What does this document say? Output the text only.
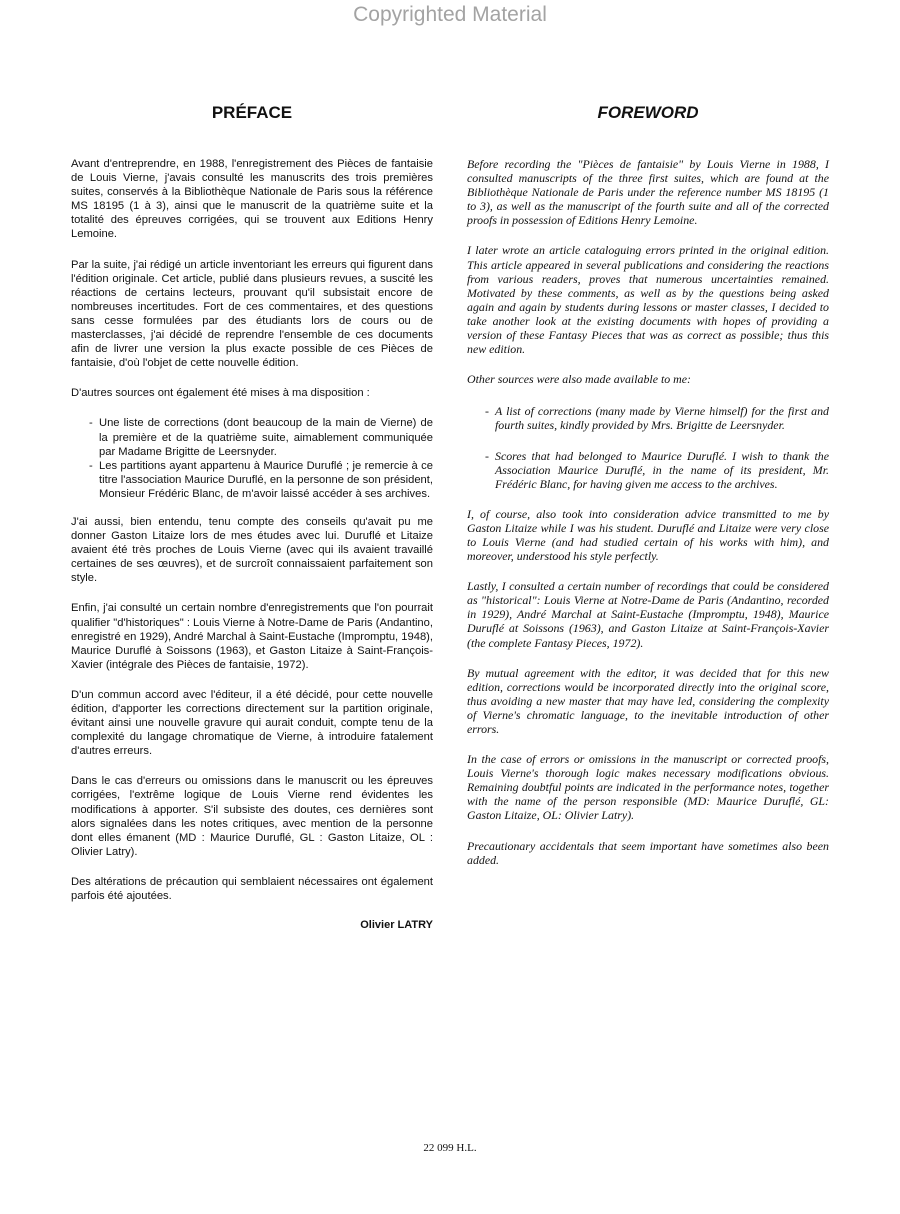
Copyrighted Material
PRÉFACE

Avant d'entreprendre, en 1988, l'enregistrement des Pièces de fantaisie de Louis Vierne, j'avais consulté les manuscrits des trois premières suites, conservés à la Bibliothèque Nationale de Paris sous la référence MS 18195 (1 à 3), ainsi que le manuscrit de la quatrième suite et la totalité des épreuves corrigées, qui se trouvent aux Editions Henry Lemoine.

Par la suite, j'ai rédigé un article inventoriant les erreurs qui figurent dans l'édition originale. Cet article, publié dans plusieurs revues, a suscité les réactions de certains lecteurs, prouvant qu'il subsistait encore de nombreuses incertitudes. Fort de ces commentaires, et des questions sans cesse formulées par des étudiants lors de cours ou de masterclasses, j'ai décidé de reprendre l'ensemble de ces documents afin de livrer une version la plus exacte possible de ces Pièces de fantaisie, d'où l'objet de cette nouvelle édition.

D'autres sources ont également été mises à ma disposition :

- Une liste de corrections (dont beaucoup de la main de Vierne) de la première et de la quatrième suite, aimablement communiquée par Madame Brigitte de Leersnyder.
- Les partitions ayant appartenu à Maurice Duruflé ; je remercie à ce titre l'association Maurice Duruflé, en la personne de son président, Monsieur Frédéric Blanc, de m'avoir laissé accéder à ses archives.

J'ai aussi, bien entendu, tenu compte des conseils qu'avait pu me donner Gaston Litaize lors de mes études avec lui. Duruflé et Litaize avaient été très proches de Louis Vierne (avec qui ils avaient travaillé certaines de ses œuvres), et de surcroît connaissaient parfaitement son style.

Enfin, j'ai consulté un certain nombre d'enregistrements que l'on pourrait qualifier "d'historiques" : Louis Vierne à Notre-Dame de Paris (Andantino, enregistré en 1929), André Marchal à Saint-Eustache (Impromptu, 1948), Maurice Duruflé à Soissons (1963), et Gaston Litaize à Saint-François-Xavier (intégrale des Pièces de fantaisie, 1972).

D'un commun accord avec l'éditeur, il a été décidé, pour cette nouvelle édition, d'apporter les corrections directement sur la partition originale, évitant ainsi une nouvelle gravure qui aurait conduit, compte tenu de la complexité du langage chromatique de Vierne, à introduire fatalement d'autres erreurs.

Dans le cas d'erreurs ou omissions dans le manuscrit ou les épreuves corrigées, l'extrême logique de Louis Vierne rend évidentes les modifications à apporter. S'il subsiste des doutes, ces dernières sont alors signalées dans les notes critiques, avec mention de la personne dont elles émanent (MD : Maurice Duruflé, GL : Gaston Litaize, OL : Olivier Latry).

Des altérations de précaution qui semblaient nécessaires ont également parfois été ajoutées.

Olivier LATRY
FOREWORD

Before recording the "Pièces de fantaisie" by Louis Vierne in 1988, I consulted manuscripts of the three first suites, which are found at the Bibliothèque Nationale de Paris under the reference number MS 18195 (1 to 3), as well as the manuscript of the fourth suite and all of the corrected proofs in possession of Editions Henry Lemoine.

I later wrote an article cataloguing errors printed in the original edition. This article appeared in several publications and considering the reactions from various readers, proves that numerous uncertainties remained. Motivated by these comments, as well as by the questions being asked again and again by students during lessons or master classes, I decided to take another look at the existing documents with hopes of providing a version of these Fantasy Pieces that was as correct as possible; thus this new edition.

Other sources were also made available to me:

- A list of corrections (many made by Vierne himself) for the first and fourth suites, kindly provided by Mrs. Brigitte de Leersnyder.
- Scores that had belonged to Maurice Duruflé. I wish to thank the Association Maurice Duruflé, in the name of its president, Mr. Frédéric Blanc, for having given me access to the archives.

I, of course, also took into consideration advice transmitted to me by Gaston Litaize while I was his student. Duruflé and Litaize were very close to Louis Vierne (and had studied certain of his works with him), and moreover, understood his style perfectly.

Lastly, I consulted a certain number of recordings that could be considered as "historical": Louis Vierne at Notre-Dame de Paris (Andantino, recorded in 1929), André Marchal at Saint-Eustache (Impromptu, 1948), Maurice Duruflé at Soissons (1963), and Gaston Litaize at Saint-François-Xavier (the complete Fantasy Pieces, 1972).

By mutual agreement with the editor, it was decided that for this new edition, corrections would be incorporated directly into the original score, thus avoiding a new master that may have led, considering the complexity of Vierne's chromatic language, to the inevitable introduction of other errors.

In the case of errors or omissions in the manuscript or corrected proofs, Louis Vierne's thorough logic makes necessary modifications obvious. Remaining doubtful points are indicated in the performance notes, together with the name of the person responsible (MD: Maurice Duruflé, GL: Gaston Litaize, OL: Olivier Latry).

Precautionary accidentals that seem important have sometimes also been added.

22 099 H.L.
